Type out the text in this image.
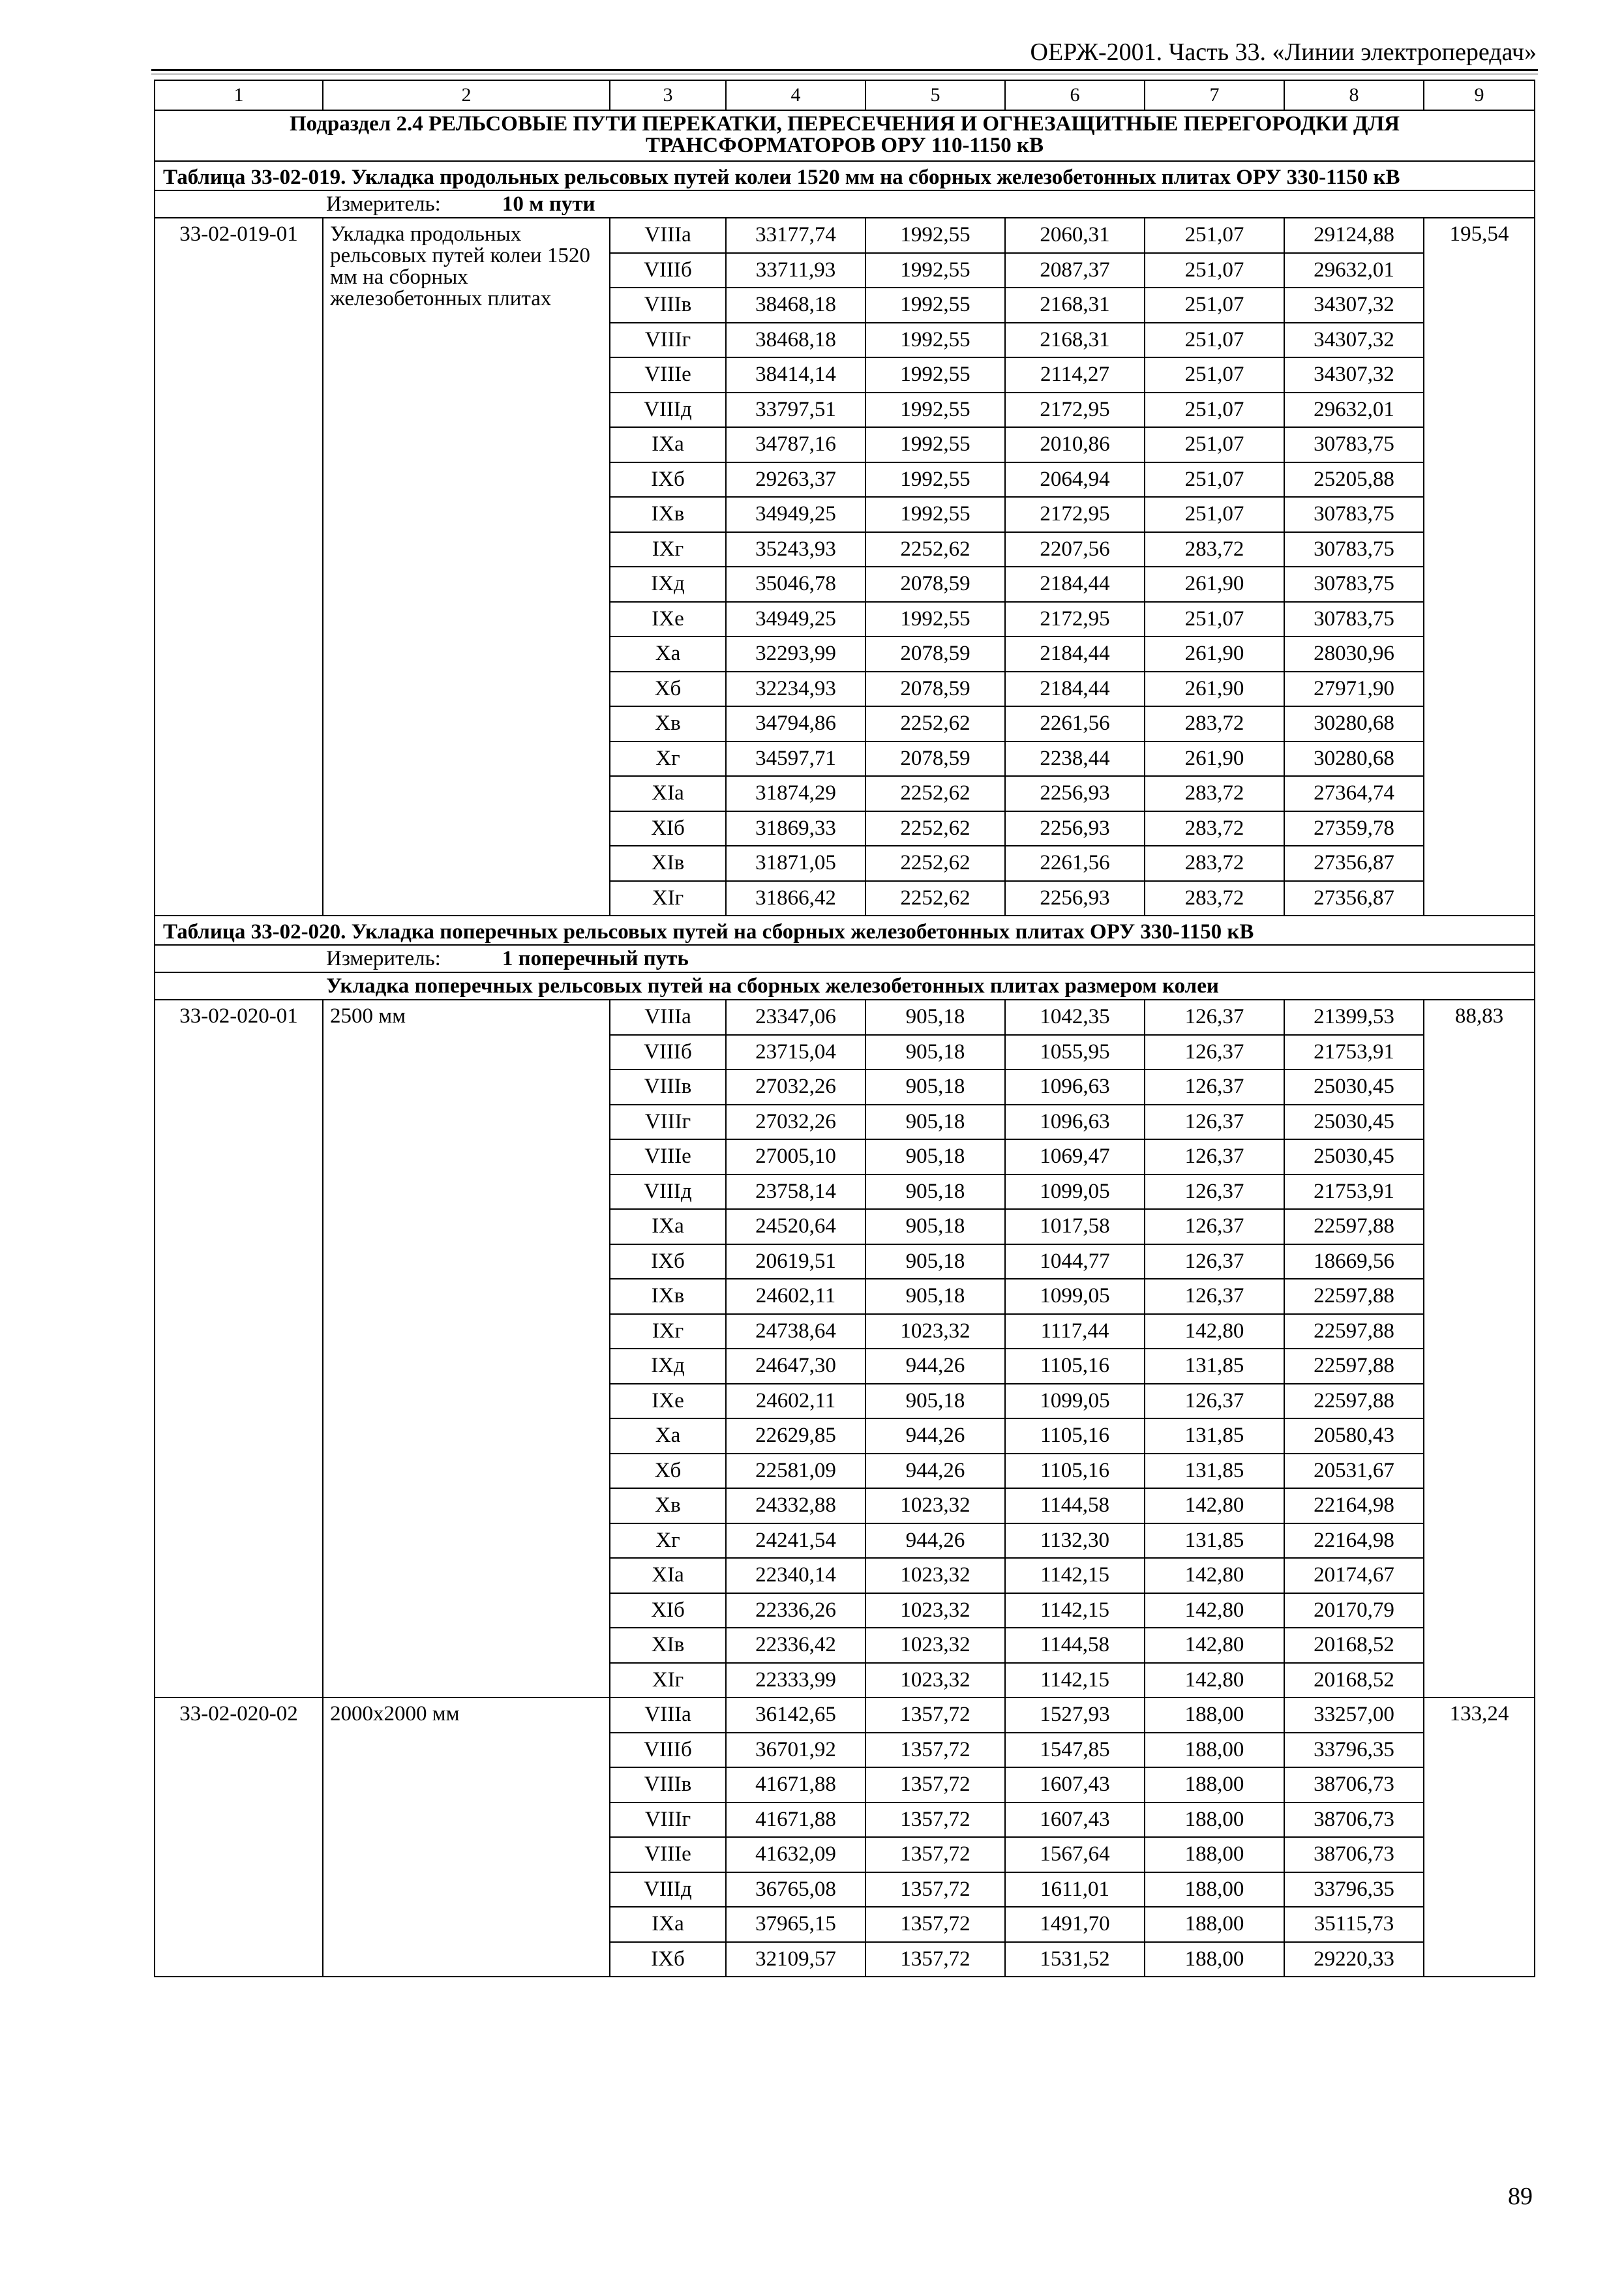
ОЕРЖ-2001. Часть 33. «Линии электропередач»
1	2	3	4	5	6	7	8	9
Подраздел 2.4 РЕЛЬСОВЫЕ ПУТИ ПЕРЕКАТКИ, ПЕРЕСЕЧЕНИЯ И ОГНЕЗАЩИТНЫЕ ПЕРЕГОРОДКИ ДЛЯ ТРАНСФОРМАТОРОВ ОРУ 110-1150 кВ								
Таблица 33-02-019. Укладка продольных рельсовых путей колеи 1520 мм на сборных железобетонных плитах ОРУ 330-1150 кВ								
Измеритель: 10 м пути								
33-02-019-01	Укладка продольных рельсовых путей колеи 1520 мм на сборных железобетонных плитах	VIIIа	33177,74	1992,55	2060,31	251,07	29124,88	195,54
		VIIIб	33711,93	1992,55	2087,37	251,07	29632,01	
		VIIIв	38468,18	1992,55	2168,31	251,07	34307,32	
		VIIIг	38468,18	1992,55	2168,31	251,07	34307,32	
		VIIIе	38414,14	1992,55	2114,27	251,07	34307,32	
		VIIIд	33797,51	1992,55	2172,95	251,07	29632,01	
		IXа	34787,16	1992,55	2010,86	251,07	30783,75	
		IXб	29263,37	1992,55	2064,94	251,07	25205,88	
		IXв	34949,25	1992,55	2172,95	251,07	30783,75	
		IXг	35243,93	2252,62	2207,56	283,72	30783,75	
		IXд	35046,78	2078,59	2184,44	261,90	30783,75	
		IXе	34949,25	1992,55	2172,95	251,07	30783,75	
		Xа	32293,99	2078,59	2184,44	261,90	28030,96	
		Xб	32234,93	2078,59	2184,44	261,90	27971,90	
		Xв	34794,86	2252,62	2261,56	283,72	30280,68	
		Xг	34597,71	2078,59	2238,44	261,90	30280,68	
		XIа	31874,29	2252,62	2256,93	283,72	27364,74	
		XIб	31869,33	2252,62	2256,93	283,72	27359,78	
		XIв	31871,05	2252,62	2261,56	283,72	27356,87	
		XIг	31866,42	2252,62	2256,93	283,72	27356,87	
Таблица 33-02-020. Укладка поперечных рельсовых путей на сборных железобетонных плитах ОРУ 330-1150 кВ								
Измеритель: 1 поперечный путь								
Укладка поперечных рельсовых путей на сборных железобетонных плитах размером колеи								
33-02-020-01	2500 мм	VIIIа	23347,06	905,18	1042,35	126,37	21399,53	88,83
		VIIIб	23715,04	905,18	1055,95	126,37	21753,91	
		VIIIв	27032,26	905,18	1096,63	126,37	25030,45	
		VIIIг	27032,26	905,18	1096,63	126,37	25030,45	
		VIIIе	27005,10	905,18	1069,47	126,37	25030,45	
		VIIIд	23758,14	905,18	1099,05	126,37	21753,91	
		IXа	24520,64	905,18	1017,58	126,37	22597,88	
		IXб	20619,51	905,18	1044,77	126,37	18669,56	
		IXв	24602,11	905,18	1099,05	126,37	22597,88	
		IXг	24738,64	1023,32	1117,44	142,80	22597,88	
		IXд	24647,30	944,26	1105,16	131,85	22597,88	
		IXе	24602,11	905,18	1099,05	126,37	22597,88	
		Xа	22629,85	944,26	1105,16	131,85	20580,43	
		Xб	22581,09	944,26	1105,16	131,85	20531,67	
		Xв	24332,88	1023,32	1144,58	142,80	22164,98	
		Xг	24241,54	944,26	1132,30	131,85	22164,98	
		XIа	22340,14	1023,32	1142,15	142,80	20174,67	
		XIб	22336,26	1023,32	1142,15	142,80	20170,79	
		XIв	22336,42	1023,32	1144,58	142,80	20168,52	
		XIг	22333,99	1023,32	1142,15	142,80	20168,52	
33-02-020-02	2000х2000 мм	VIIIа	36142,65	1357,72	1527,93	188,00	33257,00	133,24
		VIIIб	36701,92	1357,72	1547,85	188,00	33796,35	
		VIIIв	41671,88	1357,72	1607,43	188,00	38706,73	
		VIIIг	41671,88	1357,72	1607,43	188,00	38706,73	
		VIIIе	41632,09	1357,72	1567,64	188,00	38706,73	
		VIIIд	36765,08	1357,72	1611,01	188,00	33796,35	
		IXа	37965,15	1357,72	1491,70	188,00	35115,73	
		IXб	32109,57	1357,72	1531,52	188,00	29220,33	
89
